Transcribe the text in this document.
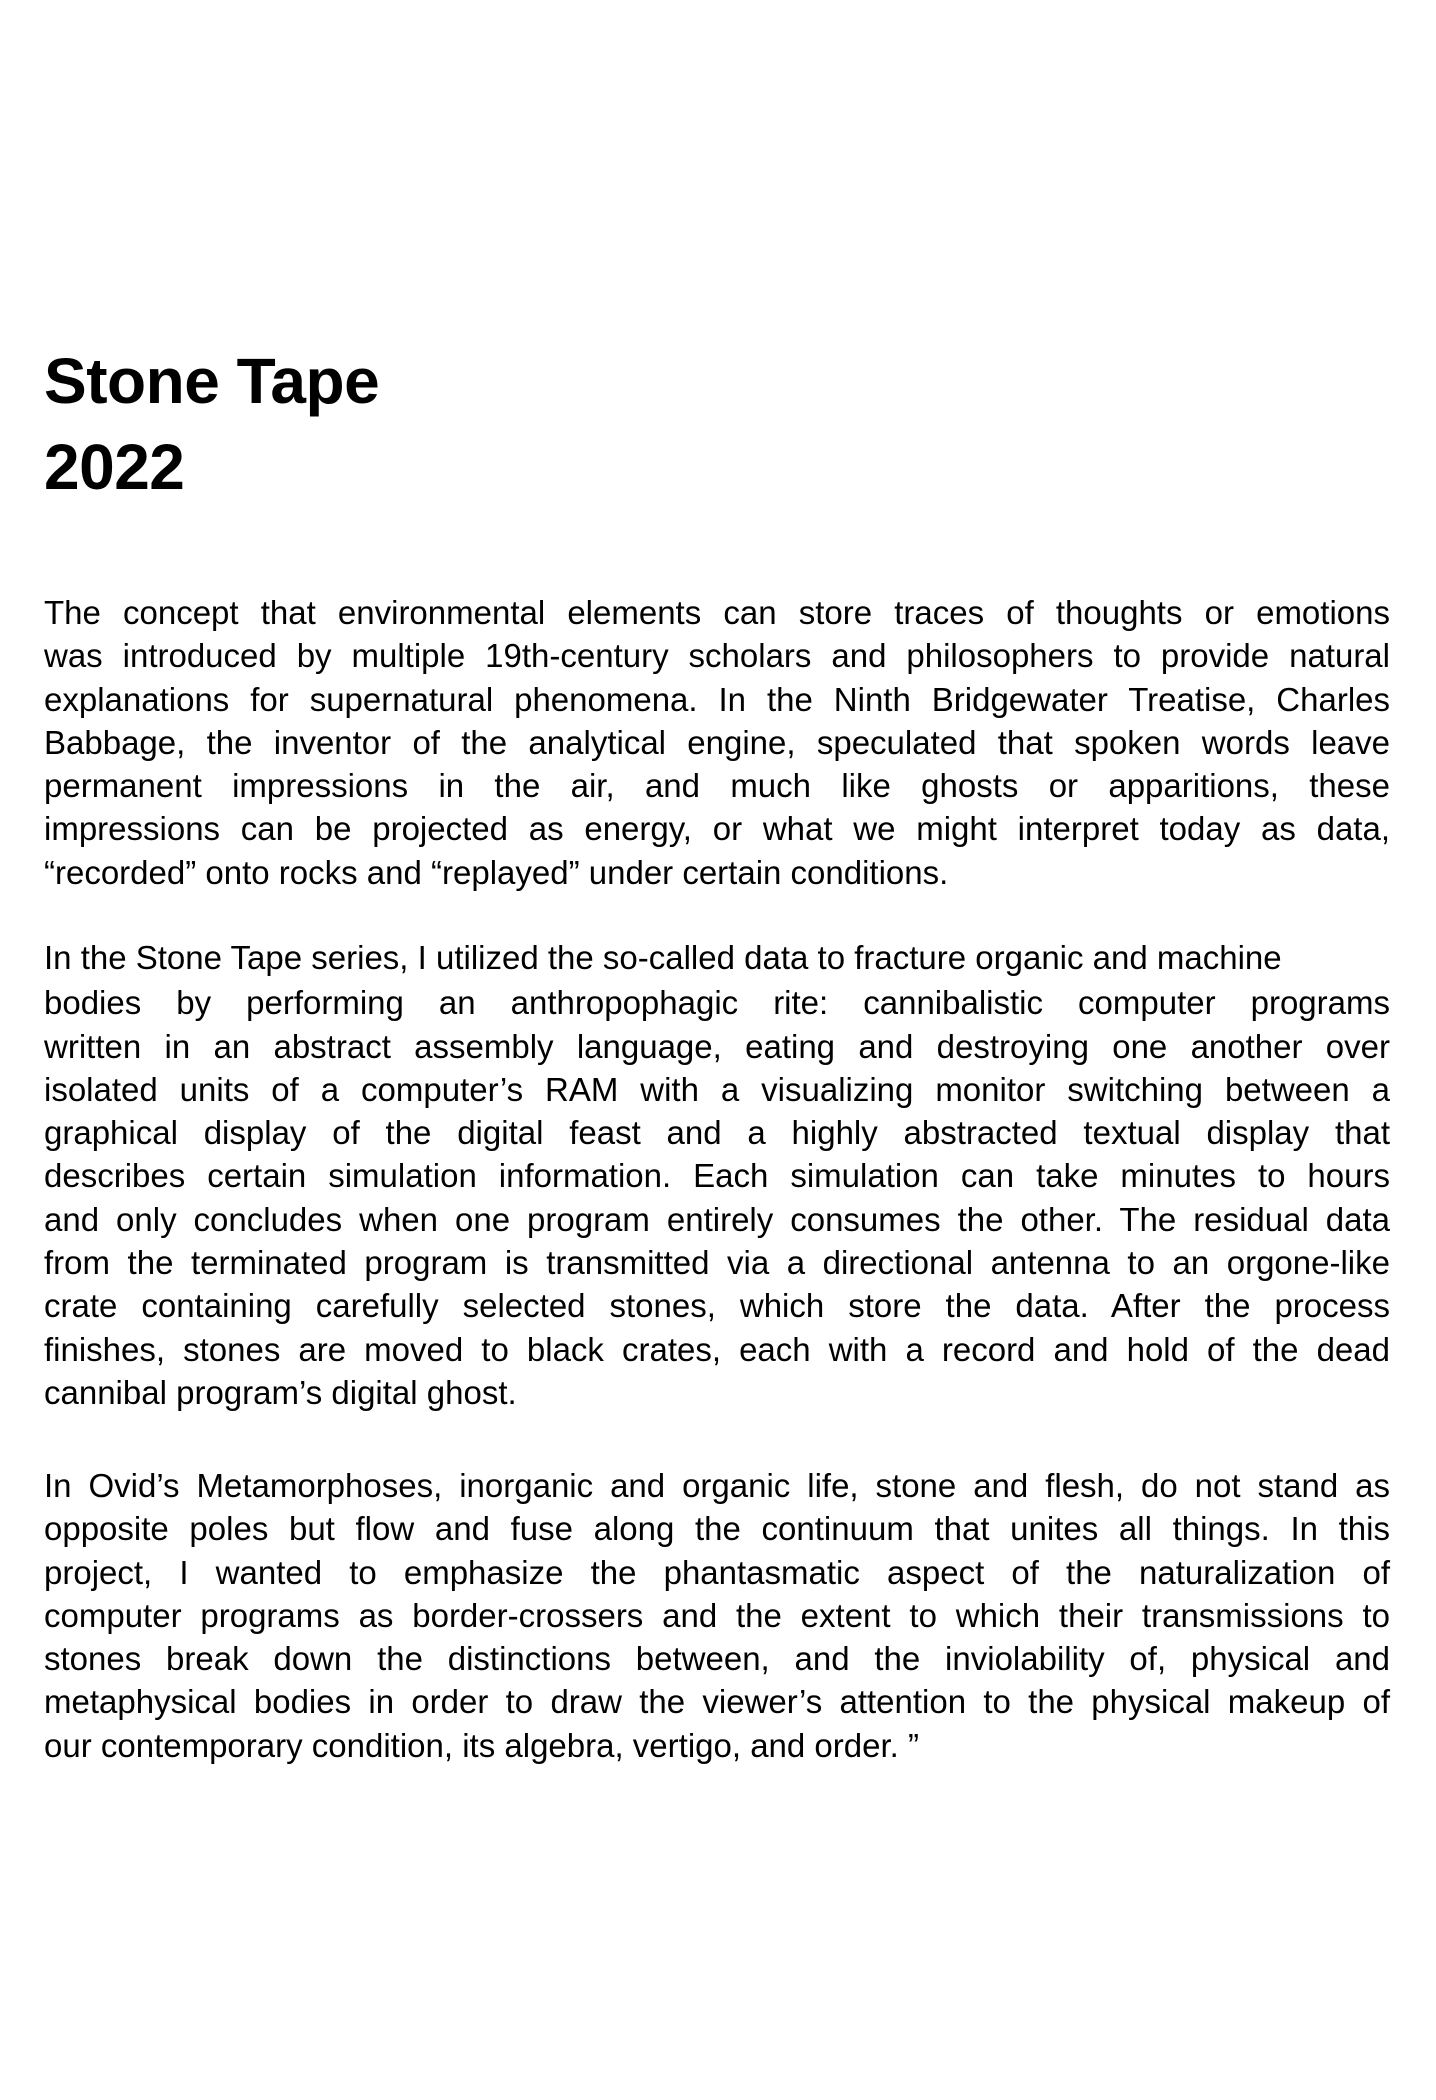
Stone Tape
2022

The concept that environmental elements can store traces of thoughts or emotions
was introduced by multiple 19th-century scholars and philosophers to provide natural
explanations for supernatural phenomena. In the Ninth Bridgewater Treatise, Charles
Babbage, the inventor of the analytical engine, speculated that spoken words leave
permanent impressions in the air, and much like ghosts or apparitions, these
impressions can be projected as energy, or what we might interpret today as data,
“recorded” onto rocks and “replayed” under certain conditions.

In the Stone Tape series, I utilized the so-called data to fracture organic and machine
bodies by performing an anthropophagic rite: cannibalistic computer programs
written in an abstract assembly language, eating and destroying one another over
isolated units of a computer’s RAM with a visualizing monitor switching between a
graphical display of the digital feast and a highly abstracted textual display that
describes certain simulation information. Each simulation can take minutes to hours
and only concludes when one program entirely consumes the other. The residual data
from the terminated program is transmitted via a directional antenna to an orgone-like
crate containing carefully selected stones, which store the data. After the process
finishes, stones are moved to black crates, each with a record and hold of the dead
cannibal program’s digital ghost.

In Ovid’s Metamorphoses, inorganic and organic life, stone and flesh, do not stand as
opposite poles but flow and fuse along the continuum that unites all things. In this
project, I wanted to emphasize the phantasmatic aspect of the naturalization of
computer programs as border-crossers and the extent to which their transmissions to
stones break down the distinctions between, and the inviolability of, physical and
metaphysical bodies in order to draw the viewer’s attention to the physical makeup of
our contemporary condition, its algebra, vertigo, and order. ”
